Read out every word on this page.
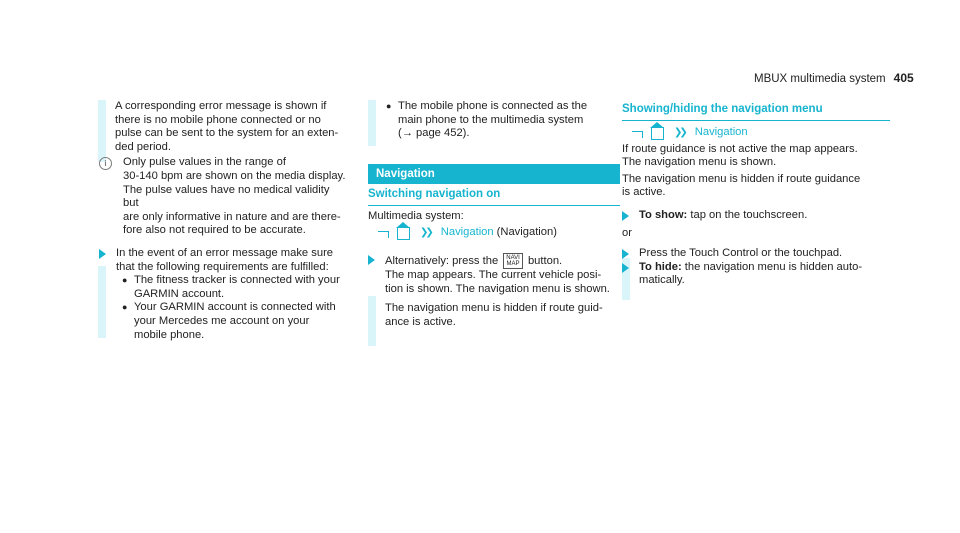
MBUX multimedia system 405

A corresponding error message is shown if

there is no mobile phone connected or no

pulse can be sent to the system for an exten-

ded period.

i	Only pulse values in the range of

30-140 bpm are shown on the media display.

The pulse values have no medical validity but

are only informative in nature and are there-

fore also not required to be accurate.

In the event of an error message make sure

that the following requirements are fulfilled:

● The fitness tracker is connected with your

GARMIN account.

● Your GARMIN account is connected with

your Mercedes me account on your

mobile phone.

● The mobile phone is connected as the

main phone to the multimedia system

(→ page 452).

Navigation
Switching navigation on

Multimedia system:

❯❯ Navigation (Navigation)

Alternatively: press the NAVI
MAP button.

The map appears. The current vehicle posi-

tion is shown. The navigation menu is shown.

The navigation menu is hidden if route guid-

ance is active.

Showing/hiding the navigation menu
❯❯ Navigation

If route guidance is not active the map appears.

The navigation menu is shown.

The navigation menu is hidden if route guidance

is active.

To show: tap on the touchscreen.

or

Press the Touch Control or the touchpad.

To hide: the navigation menu is hidden auto-

matically.
